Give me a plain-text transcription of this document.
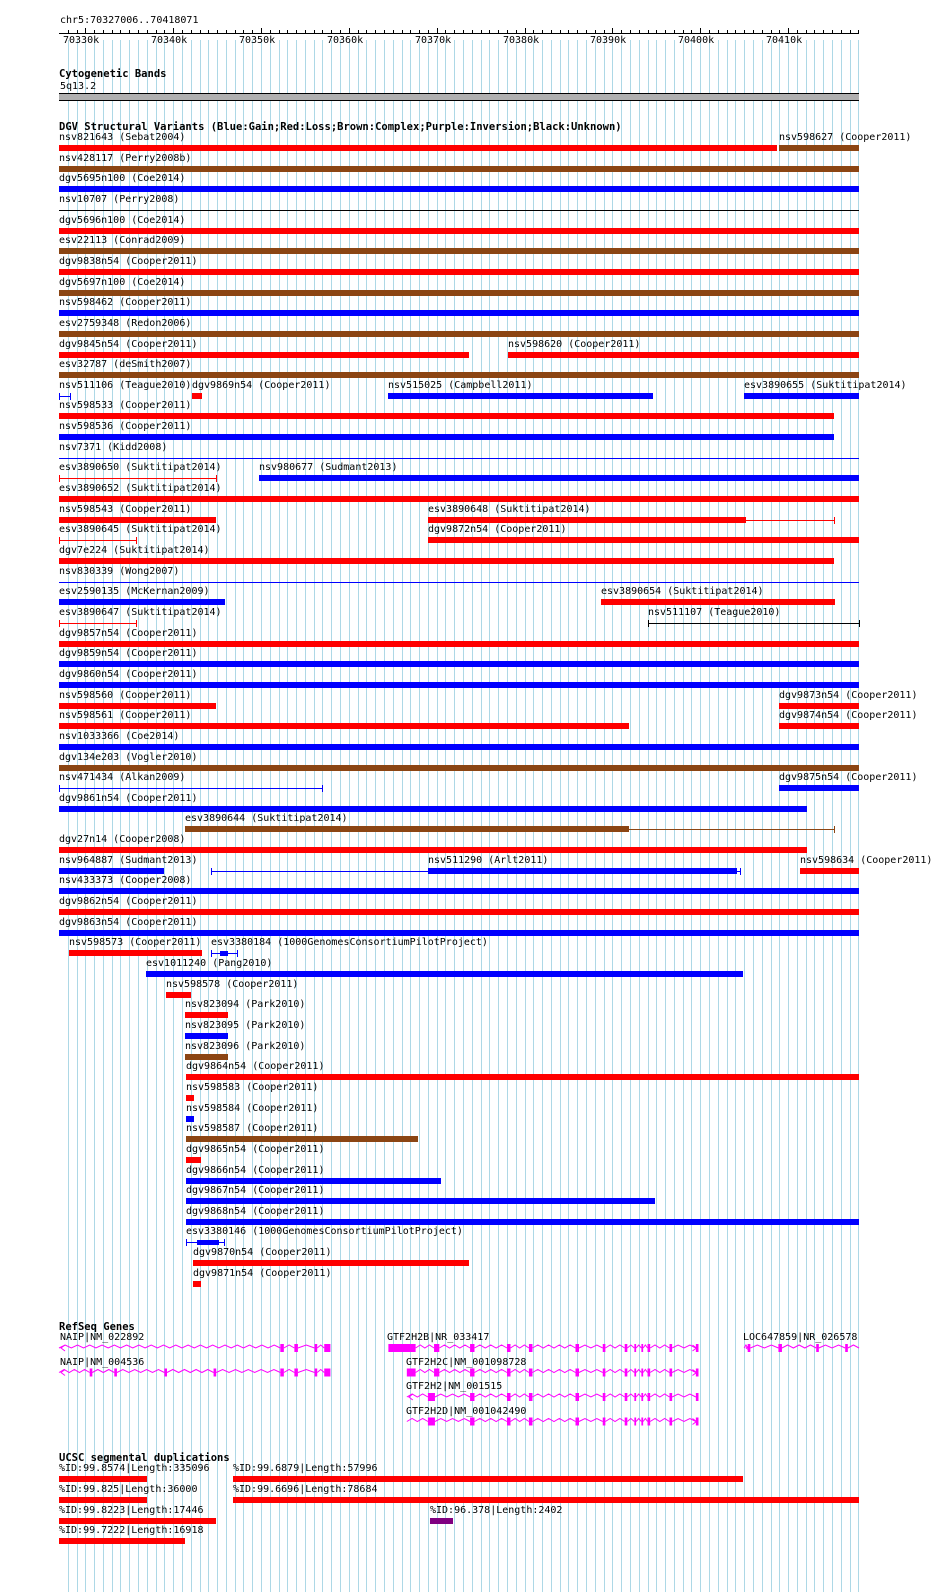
chr5:70327006..70418071
70330k	70340k	70350k	70360k	70370k	70380k	70390k	70400k	70410k
Cytogenetic Bands
5q13.2
DGV Structural Variants (Blue:Gain;Red:Loss;Brown:Complex;Purple:Inversion;Black:Unknown)
nsv821643 (Sebat2004)	nsv598627 (Cooper2011)
nsv428117 (Perry2008b)
dgv5695n100 (Coe2014)
nsv10707 (Perry2008)
dgv5696n100 (Coe2014)
esv22113 (Conrad2009)
dgv9838n54 (Cooper2011)
dgv5697n100 (Coe2014)
nsv598462 (Cooper2011)
esv2759348 (Redon2006)
dgv9845n54 (Cooper2011)	nsv598620 (Cooper2011)
esv32787 (deSmith2007)
nsv511106 (Teague2010) dgv9869n54 (Cooper2011)	nsv515025 (Campbell2011)	esv3890655 (Suktitipat2014)
nsv598533 (Cooper2011)
nsv598536 (Cooper2011)
nsv7371 (Kidd2008)
esv3890650 (Suktitipat2014)	nsv980677 (Sudmant2013)
esv3890652 (Suktitipat2014)
nsv598543 (Cooper2011)	esv3890648 (Suktitipat2014)
esv3890645 (Suktitipat2014)	dgv9872n54 (Cooper2011)
dgv7e224 (Suktitipat2014)
nsv830339 (Wong2007)
esv2590135 (McKernan2009)	esv3890654 (Suktitipat2014)
esv3890647 (Suktitipat2014)	nsv511107 (Teague2010)
dgv9857n54 (Cooper2011)
dgv9859n54 (Cooper2011)
dgv9860n54 (Cooper2011)
nsv598560 (Cooper2011)	dgv9873n54 (Cooper2011)
nsv598561 (Cooper2011)	dgv9874n54 (Cooper2011)
nsv1033366 (Coe2014)
dgv134e203 (Vogler2010)
nsv471434 (Alkan2009)	dgv9875n54 (Cooper2011)
dgv9861n54 (Cooper2011)
esv3890644 (Suktitipat2014)
dgv27n14 (Cooper2008)
nsv964887 (Sudmant2013)	nsv511290 (Arlt2011)	nsv598634 (Cooper2011)
nsv433373 (Cooper2008)
dgv9862n54 (Cooper2011)
dgv9863n54 (Cooper2011)
nsv598573 (Cooper2011) esv3380184 (1000GenomesConsortiumPilotProject)
esv1011240 (Pang2010)
nsv598578 (Cooper2011)
nsv823094 (Park2010)
nsv823095 (Park2010)
nsv823096 (Park2010)
dgv9864n54 (Cooper2011)
nsv598583 (Cooper2011)
nsv598584 (Cooper2011)
nsv598587 (Cooper2011)
dgv9865n54 (Cooper2011)
dgv9866n54 (Cooper2011)
dgv9867n54 (Cooper2011)
dgv9868n54 (Cooper2011)
esv3380146 (1000GenomesConsortiumPilotProject)
dgv9870n54 (Cooper2011)
dgv9871n54 (Cooper2011)
RefSeq Genes
NAIP|NM_022892	GTF2H2B|NR_033417	LOC647859|NR_026578
NAIP|NM_004536	GTF2H2C|NM_001098728
GTF2H2|NM_001515
GTF2H2D|NM_001042490
UCSC segmental duplications
%ID:99.8574|Length:335096 %ID:99.6879|Length:57996
%ID:99.825|Length:36000	%ID:99.6696|Length:78684
%ID:99.8223|Length:17446	%ID:96.378|Length:2402
%ID:99.7222|Length:16918
